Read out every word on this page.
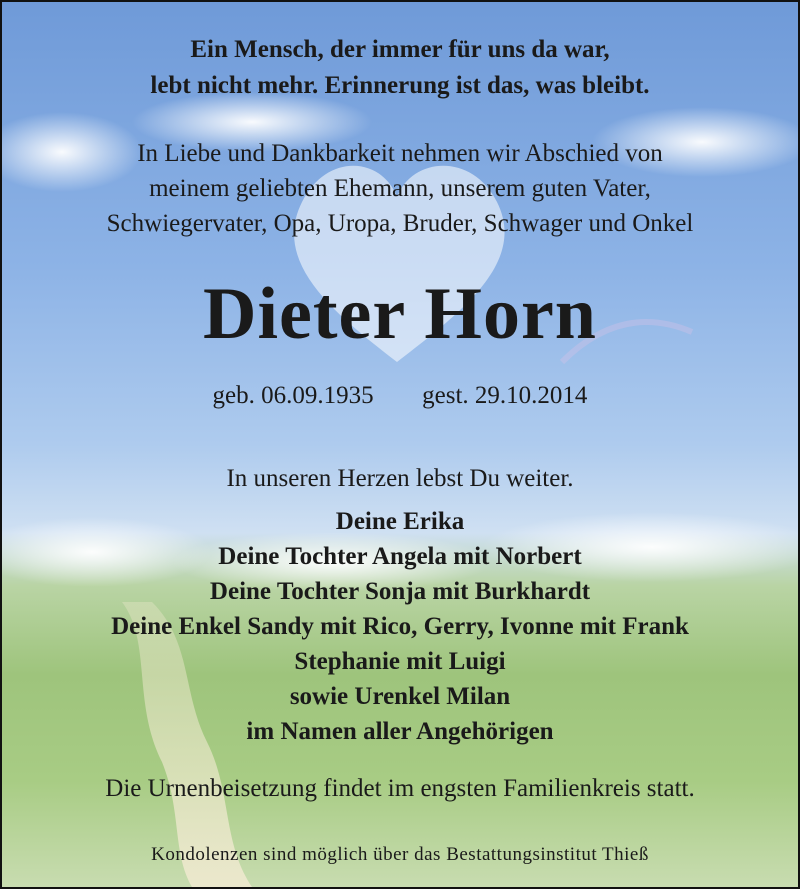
Ein Mensch, der immer für uns da war,
lebt nicht mehr. Erinnerung ist das, was bleibt.
In Liebe und Dankbarkeit nehmen wir Abschied von
meinem geliebten Ehemann, unserem guten Vater,
Schwiegervater, Opa, Uropa, Bruder, Schwager und Onkel
Dieter Horn
geb. 06.09.1935 gest. 29.10.2014
In unseren Herzen lebst Du weiter.
Deine Erika
Deine Tochter Angela mit Norbert
Deine Tochter Sonja mit Burkhardt
Deine Enkel Sandy mit Rico, Gerry, Ivonne mit Frank
Stephanie mit Luigi
sowie Urenkel Milan
im Namen aller Angehörigen
Die Urnenbeisetzung findet im engsten Familienkreis statt.
Kondolenzen sind möglich über das Bestattungsinstitut Thieß
